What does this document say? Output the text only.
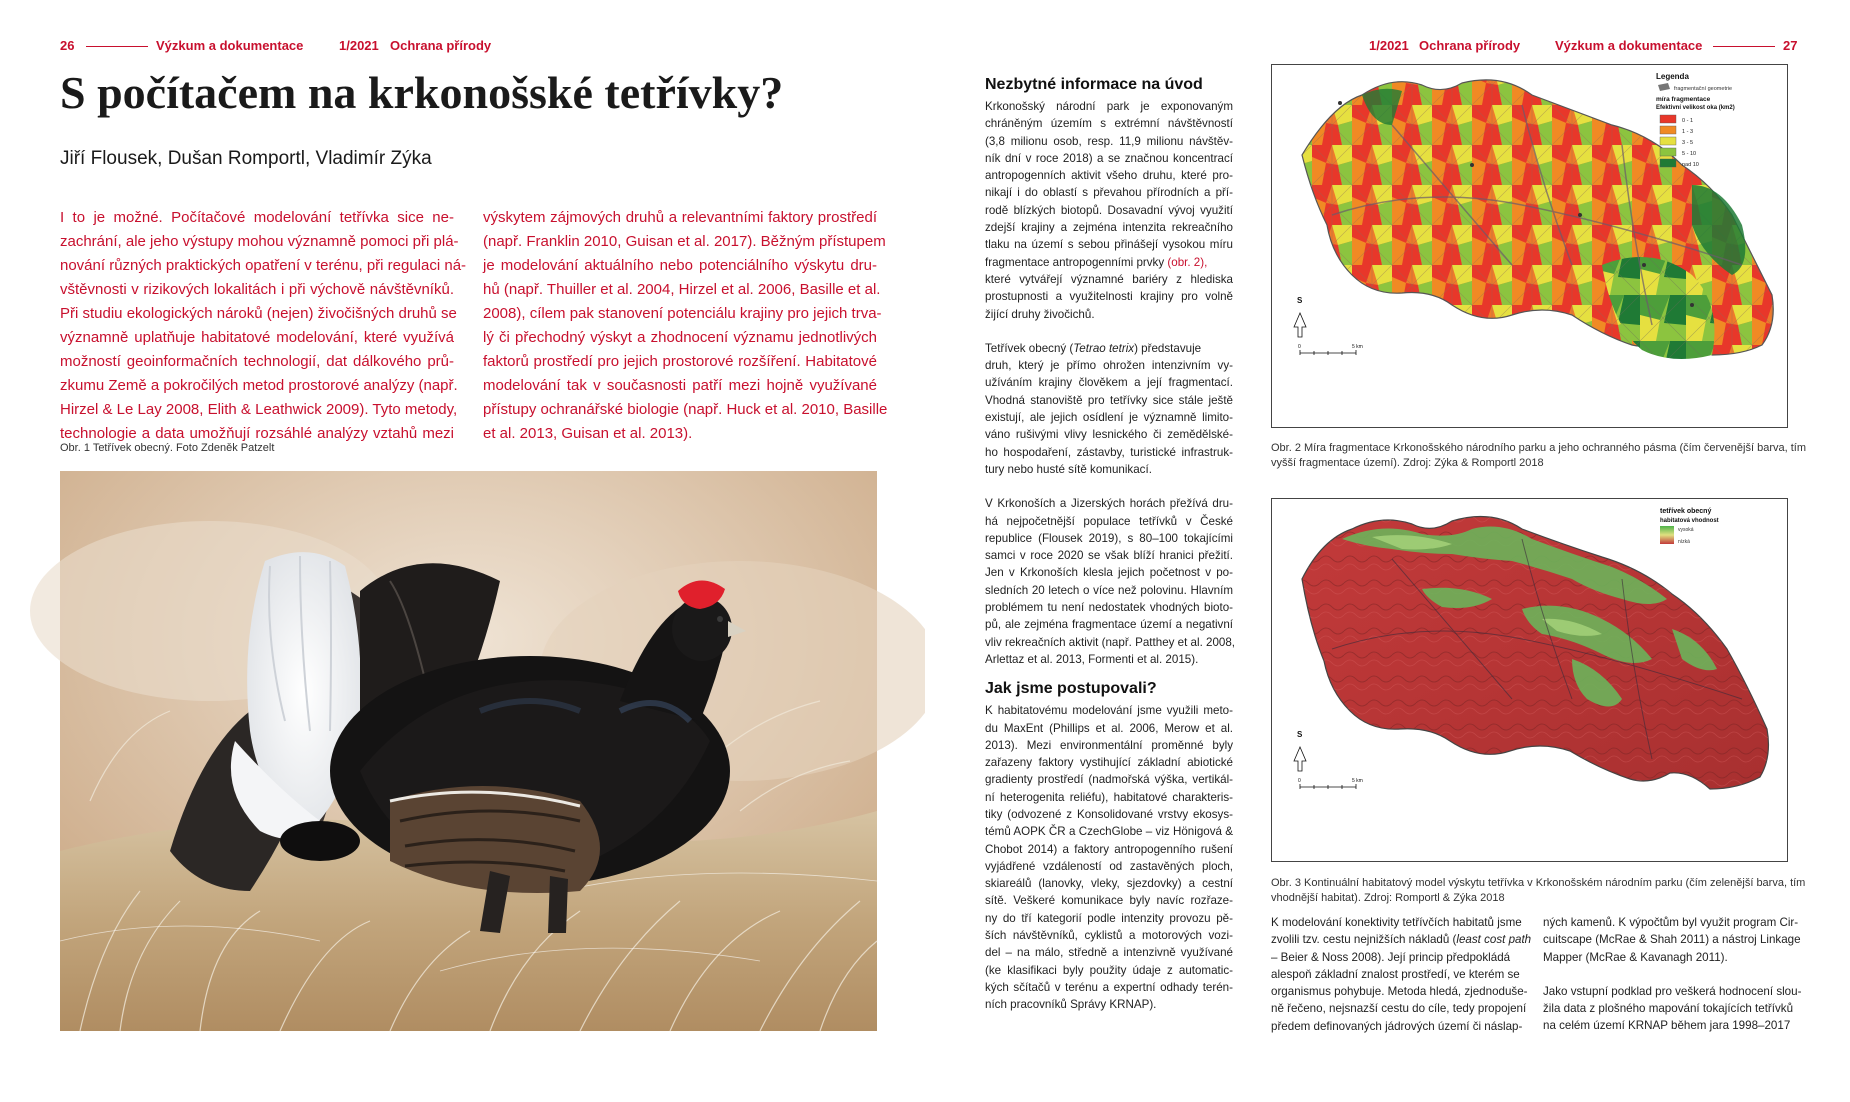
26	Výzkum a dokumentace	1/2021 Ochrana přírody
S počítačem na krkonošské tetřívky?
Jiří Flousek, Dušan Romportl, Vladimír Zýka
I to je možné. Počítačové modelování tetřívka sice ne-
zachrání, ale jeho výstupy mohou významně pomoci při plá-
nování různých praktických opatření v terénu, při regulaci ná-
vštěvnosti v rizikových lokalitách i při výchově návštěvníků.
Při studiu ekologických nároků (nejen) živočišných druhů se
významně uplatňuje habitatové modelování, které využívá
možností geoinformačních technologií, dat dálkového prů-
zkumu Země a pokročilých metod prostorové analýzy (např.
Hirzel & Le Lay 2008, Elith & Leathwick 2009). Tyto metody,
technologie a data umožňují rozsáhlé analýzy vztahů mezi
výskytem zájmových druhů a relevantními faktory prostředí
(např. Franklin 2010, Guisan et al. 2017). Běžným přístupem
je modelování aktuálního nebo potenciálního výskytu dru-
hů (např. Thuiller et al. 2004, Hirzel et al. 2006, Basille et al.
2008), cílem pak stanovení potenciálu krajiny pro jejich trva-
lý či přechodný výskyt a zhodnocení významu jednotlivých
faktorů prostředí pro jejich prostorové rozšíření. Habitatové
modelování tak v současnosti patří mezi hojně využívané
přístupy ochranářské biologie (např. Huck et al. 2010, Basille
et al. 2013, Guisan et al. 2013).
Obr. 1 Tetřívek obecný. Foto Zdeněk Patzelt
1/2021 Ochrana přírody	Výzkum a dokumentace	27
Nezbytné informace na úvod
Krkonošský národní park je exponovaným
chráněným územím s extrémní návštěvností
(3,8 milionu osob, resp. 11,9 milionu návštěv-
ník dní v roce 2018) a se značnou koncentrací
antropogenních aktivit všeho druhu, které pro-
nikají i do oblastí s převahou přírodních a pří-
rodě blízkých biotopů. Dosavadní vývoj využití
zdejší krajiny a zejména intenzita rekreačního
tlaku na území s sebou přinášejí vysokou míru
fragmentace antropogenními prvky (obr. 2),
které vytvářejí významné bariéry z hlediska
prostupnosti a využitelnosti krajiny pro volně
žijící druhy živočichů.
Tetřívek obecný (Tetrao tetrix) představuje
druh, který je přímo ohrožen intenzivním vy-
užíváním krajiny člověkem a její fragmentací.
Vhodná stanoviště pro tetřívky sice stále ještě
existují, ale jejich osídlení je významně limito-
váno rušivými vlivy lesnického či zemědělské-
ho hospodaření, zástavby, turistické infrastruk-
tury nebo husté sítě komunikací.
V Krkonoších a Jizerských horách přežívá dru-
há nejpočetnější populace tetřívků v České
republice (Flousek 2019), s 80–100 tokajícími
samci v roce 2020 se však blíží hranici přežití.
Jen v Krkonoších klesla jejich početnost v po-
sledních 20 letech o více než polovinu. Hlavním
problémem tu není nedostatek vhodných bioto-
pů, ale zejména fragmentace území a negativní
vliv rekreačních aktivit (např. Patthey et al. 2008,
Arlettaz et al. 2013, Formenti et al. 2015).
Jak jsme postupovali?
K habitatovému modelování jsme využili meto-
du MaxEnt (Phillips et al. 2006, Merow et al.
2013). Mezi environmentální proměnné byly
zařazeny faktory vystihující základní abiotické
gradienty prostředí (nadmořská výška, vertikál-
ní heterogenita reliéfu), habitatové charakteris-
tiky (odvozené z Konsolidované vrstvy ekosys-
témů AOPK ČR a CzechGlobe – viz Hönigová &
Chobot 2014) a faktory antropogenního rušení
vyjádřené vzdáleností od zastavěných ploch,
skiareálů (lanovky, vleky, sjezdovky) a cestní
sítě. Veškeré komunikace byly navíc rozřaze-
ny do tří kategorií podle intenzity provozu pě-
ších návštěvníků, cyklistů a motorových vozi-
del – na málo, středně a intenzivně využívané
(ke klasifikaci byly použity údaje z automatic-
kých sčítačů v terénu a expertní odhady terén-
ních pracovníků Správy KRNAP).
Legenda
fragmentační geometrie
míra fragmentace
Efektivní velikost oka (km2)
0 - 1
1 - 3
3 - 5
5 - 10
nad 10
S
0	5 km
Obr. 2 Míra fragmentace Krkonošského národního parku a jeho ochranného pásma (čím červenější barva, tím
vyšší fragmentace území). Zdroj: Zýka & Romportl 2018
tetřívek obecný
habitatová vhodnost
vysoká
nízká
S
0	5 km
Obr. 3 Kontinuální habitatový model výskytu tetřívka v Krkonošském národním parku (čím zelenější barva, tím
vhodnější habitat). Zdroj: Romportl & Zýka 2018
K modelování konektivity tetřívčích habitatů jsme
zvolili tzv. cestu nejnižších nákladů (least cost path
– Beier & Noss 2008). Její princip předpokládá
alespoň základní znalost prostředí, ve kterém se
organismus pohybuje. Metoda hledá, zjednoduše-
ně řečeno, nejsnazší cestu do cíle, tedy propojení
předem definovaných jádrových území či náslap-
ných kamenů. K výpočtům byl využit program Cir-
cuitscape (McRae & Shah 2011) a nástroj Linkage
Mapper (McRae & Kavanagh 2011).
Jako vstupní podklad pro veškerá hodnocení slou-
žila data z plošného mapování tokajících tetřívků
na celém území KRNAP během jara 1998–2017
